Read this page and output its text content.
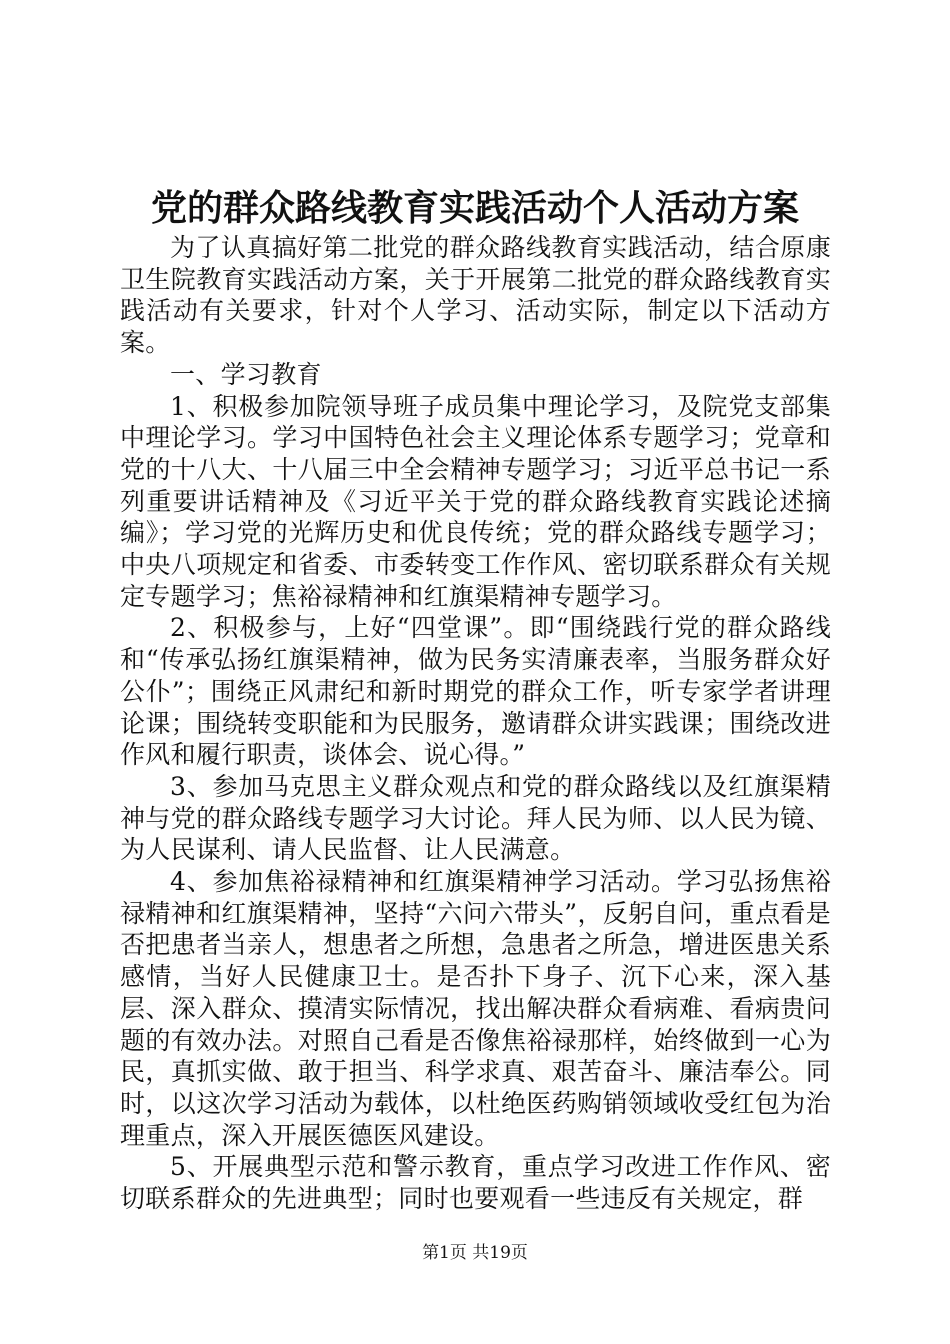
党的群众路线教育实践活动个人活动方案

为了认真搞好第二批党的群众路线教育实践活动，结合原康卫生院教育实践活动方案，关于开展第二批党的群众路线教育实践活动有关要求，针对个人学习、活动实际，制定以下活动方案。

一、学习教育

1、积极参加院领导班子成员集中理论学习，及院党支部集中理论学习。学习中国特色社会主义理论体系专题学习；党章和党的十八大、十八届三中全会精神专题学习；习近平总书记一系列重要讲话精神及《习近平关于党的群众路线教育实践论述摘编》；学习党的光辉历史和优良传统；党的群众路线专题学习；中央八项规定和省委、市委转变工作作风、密切联系群众有关规定专题学习；焦裕禄精神和红旗渠精神专题学习。

2、积极参与，上好“四堂课”。即“围绕践行党的群众路线和“传承弘扬红旗渠精神，做为民务实清廉表率，当服务群众好公仆”；围绕正风肃纪和新时期党的群众工作，听专家学者讲理论课；围绕转变职能和为民服务，邀请群众讲实践课；围绕改进作风和履行职责，谈体会、说心得。”

3、参加马克思主义群众观点和党的群众路线以及红旗渠精神与党的群众路线专题学习大讨论。拜人民为师、以人民为镜、为人民谋利、请人民监督、让人民满意。

4、参加焦裕禄精神和红旗渠精神学习活动。学习弘扬焦裕禄精神和红旗渠精神，坚持“六问六带头”，反躬自问，重点看是否把患者当亲人，想患者之所想，急患者之所急，增进医患关系感情，当好人民健康卫士。是否扑下身子、沉下心来，深入基层、深入群众、摸清实际情况，找出解决群众看病难、看病贵问题的有效办法。对照自己看是否像焦裕禄那样，始终做到一心为民，真抓实做、敢于担当、科学求真、艰苦奋斗、廉洁奉公。同时，以这次学习活动为载体，以杜绝医药购销领域收受红包为治理重点，深入开展医德医风建设。

5、开展典型示范和警示教育，重点学习改进工作作风、密切联系群众的先进典型；同时也要观看一些违反有关规定，群

第1页 共19页
